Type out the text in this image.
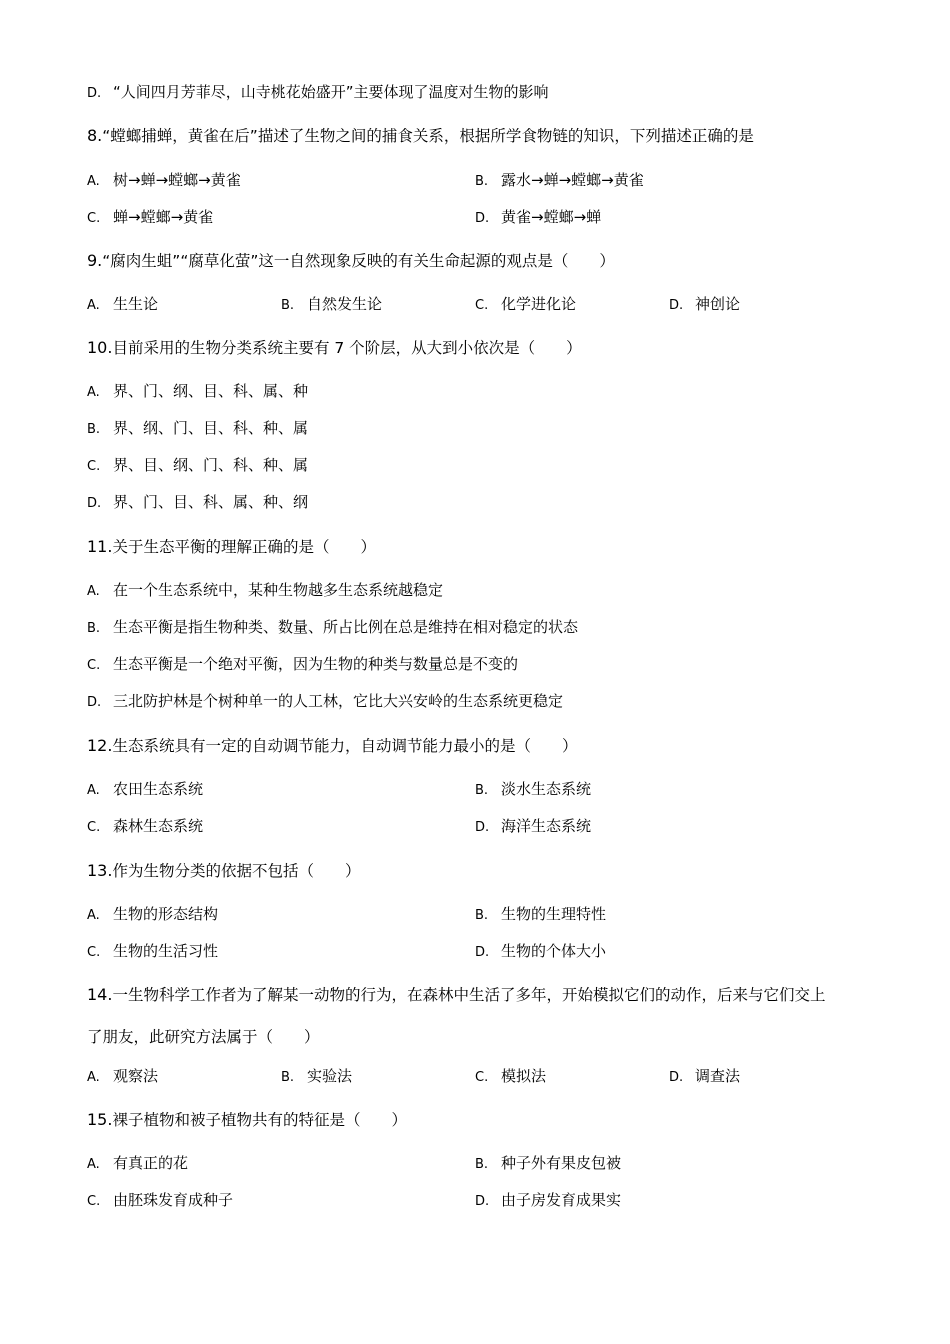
D. “人间四月芳菲尽，山寺桃花始盛开”主要体现了温度对生物的影响
8.“螳螂捕蝉，黄雀在后”描述了生物之间的捕食关系，根据所学食物链的知识，下列描述正确的是
A. 树→蝉→螳螂→黄雀	B. 露水→蝉→螳螂→黄雀
C. 蝉→螳螂→黄雀	D. 黄雀→螳螂→蝉
9.“腐肉生蛆”“腐草化萤”这一自然现象反映的有关生命起源的观点是（　　）
A. 生生论	B. 自然发生论	C. 化学进化论	D. 神创论
10.目前采用的生物分类系统主要有 7 个阶层，从大到小依次是（　　）
A. 界、门、纲、目、科、属、种
B. 界、纲、门、目、科、种、属
C. 界、目、纲、门、科、种、属
D. 界、门、目、科、属、种、纲
11.关于生态平衡的理解正确的是（　　）
A. 在一个生态系统中，某种生物越多生态系统越稳定
B. 生态平衡是指生物种类、数量、所占比例在总是维持在相对稳定的状态
C. 生态平衡是一个绝对平衡，因为生物的种类与数量总是不变的
D. 三北防护林是个树种单一的人工林，它比大兴安岭的生态系统更稳定
12.生态系统具有一定的自动调节能力，自动调节能力最小的是（　　）
A. 农田生态系统	B. 淡水生态系统
C. 森林生态系统	D. 海洋生态系统
13.作为生物分类的依据不包括（　　）
A. 生物的形态结构	B. 生物的生理特性
C. 生物的生活习性	D. 生物的个体大小
14.一生物科学工作者为了解某一动物的行为，在森林中生活了多年，开始模拟它们的动作，后来与它们交上
了朋友，此研究方法属于（　　）
A. 观察法	B. 实验法	C. 模拟法	D. 调查法
15.裸子植物和被子植物共有的特征是（　　）
A. 有真正的花	B. 种子外有果皮包被
C. 由胚珠发育成种子	D. 由子房发育成果实
